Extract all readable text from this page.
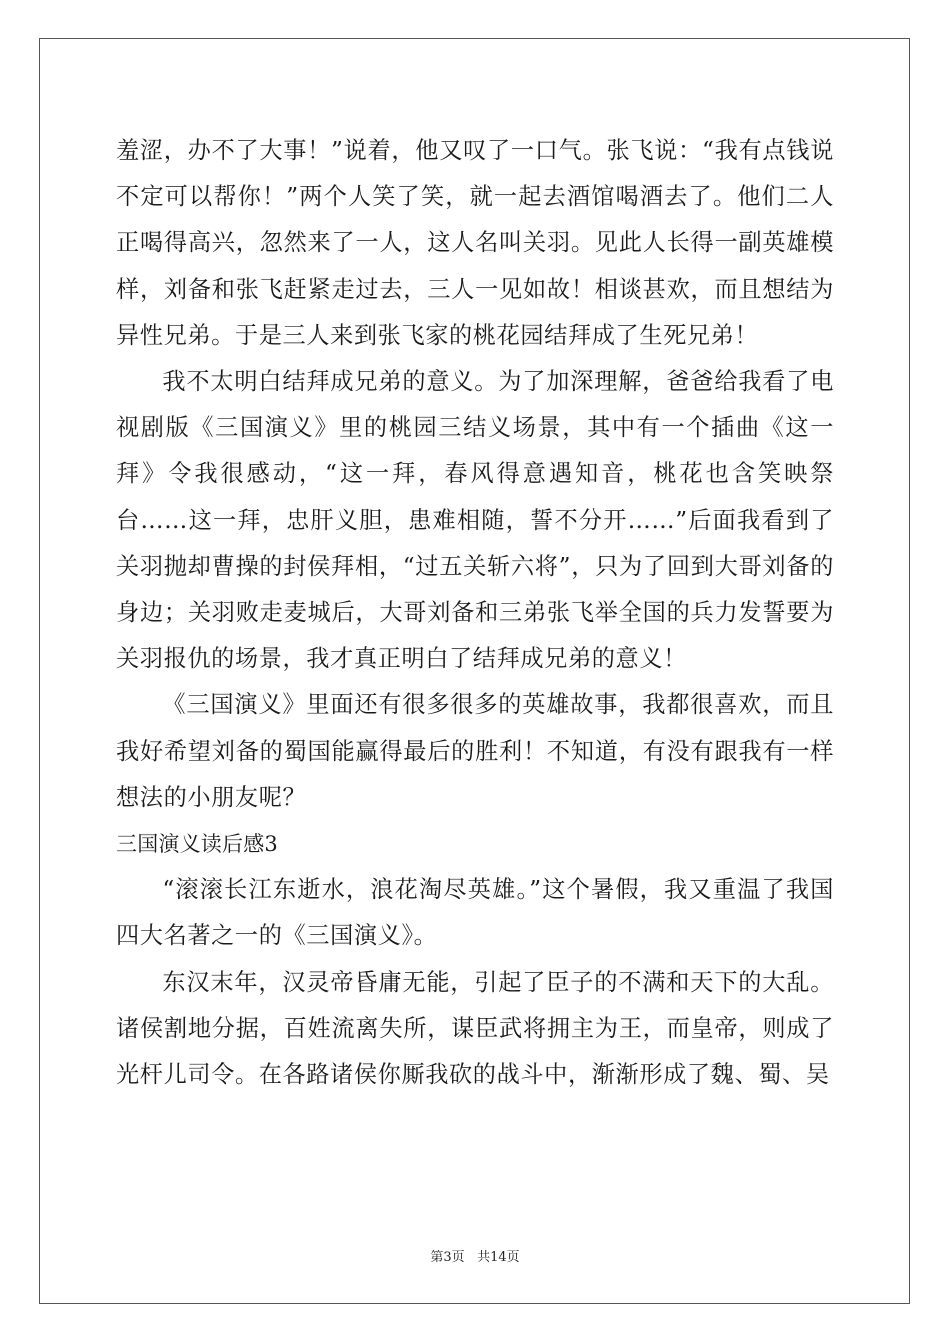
羞涩，办不了大事！”说着，他又叹了一口气。张飞说：“我有点钱说不定可以帮你！”两个人笑了笑，就一起去酒馆喝酒去了。他们二人正喝得高兴，忽然来了一人，这人名叫关羽。见此人长得一副英雄模样，刘备和张飞赶紧走过去，三人一见如故！相谈甚欢，而且想结为异性兄弟。于是三人来到张飞家的桃花园结拜成了生死兄弟！

我不太明白结拜成兄弟的意义。为了加深理解，爸爸给我看了电视剧版《三国演义》里的桃园三结义场景，其中有一个插曲《这一拜》令我很感动，“这一拜，春风得意遇知音，桃花也含笑映祭台……这一拜，忠肝义胆，患难相随，誓不分开……”后面我看到了关羽抛却曹操的封侯拜相，“过五关斩六将”，只为了回到大哥刘备的身边；关羽败走麦城后，大哥刘备和三弟张飞举全国的兵力发誓要为关羽报仇的场景，我才真正明白了结拜成兄弟的意义！

《三国演义》里面还有很多很多的英雄故事，我都很喜欢，而且我好希望刘备的蜀国能赢得最后的胜利！不知道，有没有跟我有一样想法的小朋友呢？

三国演义读后感3

“滚滚长江东逝水，浪花淘尽英雄。”这个暑假，我又重温了我国四大名著之一的《三国演义》。

东汉末年，汉灵帝昏庸无能，引起了臣子的不满和天下的大乱。诸侯割地分据，百姓流离失所，谋臣武将拥主为王，而皇帝，则成了光杆儿司令。在各路诸侯你厮我砍的战斗中，渐渐形成了魏、蜀、吴

第3页 共14页
